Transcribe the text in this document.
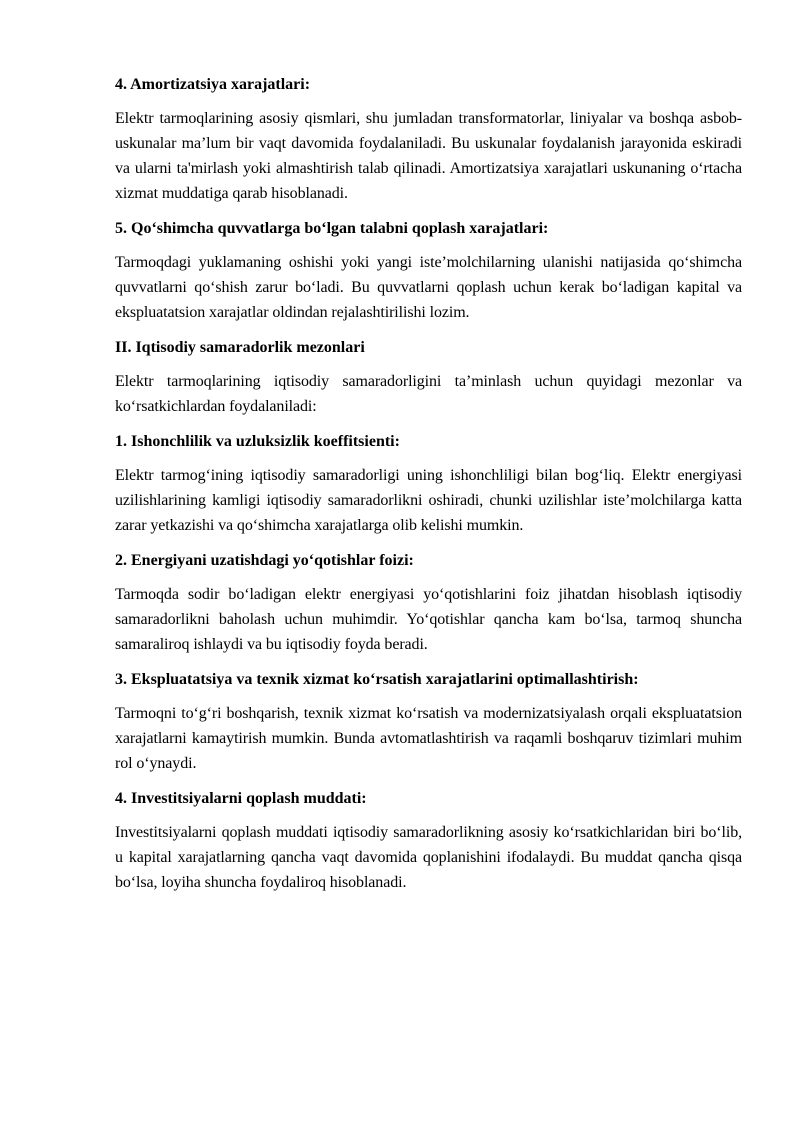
4. Amortizatsiya xarajatlari:
Elektr tarmoqlarining asosiy qismlari, shu jumladan transformatorlar, liniyalar va boshqa asbob-uskunalar ma’lum bir vaqt davomida foydalaniladi. Bu uskunalar foydalanish jarayonida eskiradi va ularni ta'mirlash yoki almashtirish talab qilinadi. Amortizatsiya xarajatlari uskunaning oʻrtacha xizmat muddatiga qarab hisoblanadi.
5. Qoʻshimcha quvvatlarga boʻlgan talabni qoplash xarajatlari:
Tarmoqdagi yuklamaning oshishi yoki yangi iste’molchilarning ulanishi natijasida qoʻshimcha quvvatlarni qoʻshish zarur boʻladi. Bu quvvatlarni qoplash uchun kerak boʻladigan kapital va ekspluatatsion xarajatlar oldindan rejalashtirilishi lozim.
II. Iqtisodiy samaradorlik mezonlari
Elektr tarmoqlarining iqtisodiy samaradorligini ta’minlash uchun quyidagi mezonlar va koʻrsatkichlardan foydalaniladi:
1. Ishonchlilik va uzluksizlik koeffitsienti:
Elektr tarmogʻining iqtisodiy samaradorligi uning ishonchliligi bilan bogʻliq. Elektr energiyasi uzilishlarining kamligi iqtisodiy samaradorlikni oshiradi, chunki uzilishlar iste’molchilarga katta zarar yetkazishi va qoʻshimcha xarajatlarga olib kelishi mumkin.
2. Energiyani uzatishdagi yoʻqotishlar foizi:
Tarmoqda sodir boʻladigan elektr energiyasi yoʻqotishlarini foiz jihatdan hisoblash iqtisodiy samaradorlikni baholash uchun muhimdir. Yoʻqotishlar qancha kam boʻlsa, tarmoq shuncha samaraliroq ishlaydi va bu iqtisodiy foyda beradi.
3. Ekspluatatsiya va texnik xizmat koʻrsatish xarajatlarini optimallashtirish:
Tarmoqni toʻgʻri boshqarish, texnik xizmat koʻrsatish va modernizatsiyalash orqali ekspluatatsion xarajatlarni kamaytirish mumkin. Bunda avtomatlashtirish va raqamli boshqaruv tizimlari muhim rol oʻynaydi.
4. Investitsiyalarni qoplash muddati:
Investitsiyalarni qoplash muddati iqtisodiy samaradorlikning asosiy koʻrsatkichlaridan biri boʻlib, u kapital xarajatlarning qancha vaqt davomida qoplanishini ifodalaydi. Bu muddat qancha qisqa boʻlsa, loyiha shuncha foydaliroq hisoblanadi.
